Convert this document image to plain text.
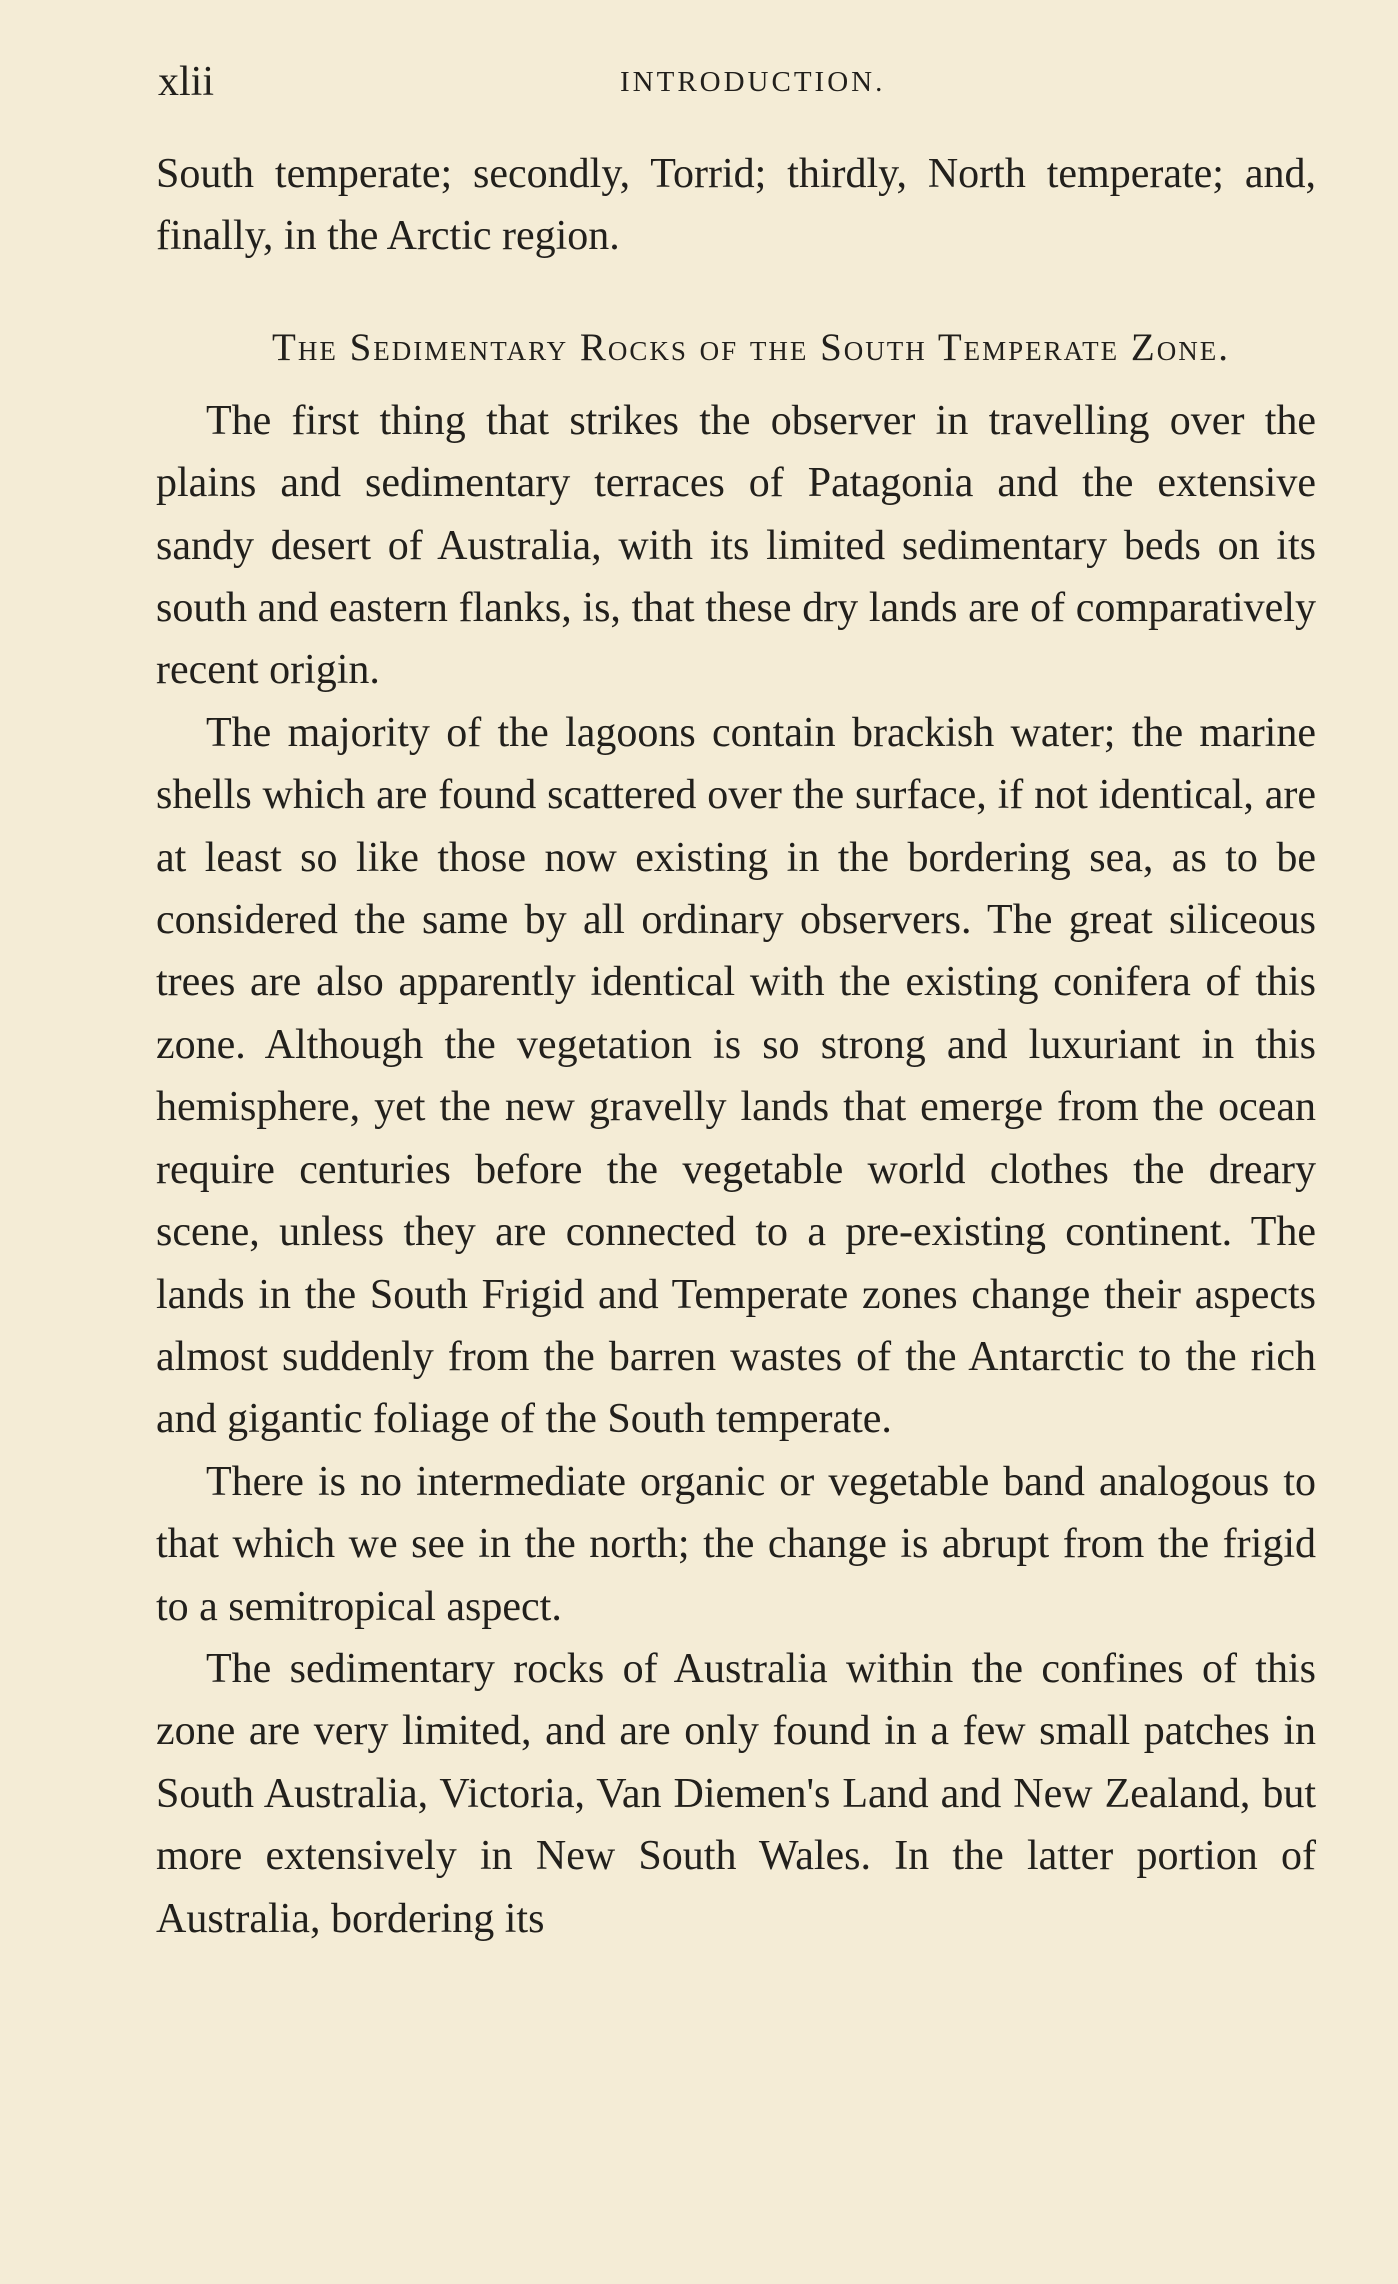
xlii	INTRODUCTION.

South temperate; secondly, Torrid; thirdly, North temperate; and, finally, in the Arctic region.

The Sedimentary Rocks of the South Temperate Zone.

The first thing that strikes the observer in travelling over the plains and sedimentary terraces of Patagonia and the extensive sandy desert of Australia, with its limited sedimentary beds on its south and eastern flanks, is, that these dry lands are of comparatively recent origin.

The majority of the lagoons contain brackish water; the marine shells which are found scattered over the surface, if not identical, are at least so like those now existing in the bordering sea, as to be considered the same by all ordinary observers. The great siliceous trees are also apparently identical with the existing conifera of this zone. Although the vegetation is so strong and luxuriant in this hemisphere, yet the new gravelly lands that emerge from the ocean require centuries before the vegetable world clothes the dreary scene, unless they are connected to a pre-existing continent. The lands in the South Frigid and Temperate zones change their aspects almost suddenly from the barren wastes of the Antarctic to the rich and gigantic foliage of the South temperate.

There is no intermediate organic or vegetable band analogous to that which we see in the north; the change is abrupt from the frigid to a semitropical aspect.

The sedimentary rocks of Australia within the confines of this zone are very limited, and are only found in a few small patches in South Australia, Victoria, Van Diemen's Land and New Zealand, but more extensively in New South Wales. In the latter portion of Australia, bordering its
